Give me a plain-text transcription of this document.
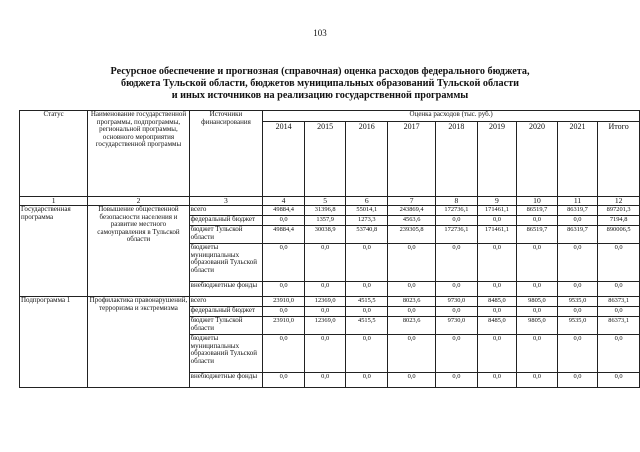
103
Ресурсное обеспечение и прогнозная (справочная) оценка расходов федерального бюджета,
бюджета Тульской области, бюджетов муниципальных образований Тульской области
и иных источников на реализацию государственной программы
Статус	Наименование государственной программы, подпрограммы, региональной программы, основного мероприятия государственной программы	Источники финансирования	Оценка расходов (тыс. руб.)								
			2014	2015	2016	2017	2018	2019	2020	2021	Итого
1	2	3	4	5	6	7	8	9	10	11	12
Государственная программа	Повышение общественной безопасности населения и развитие местного самоуправления в Тульской области	всего	49884,4	31396,8	55014,1	243869,4	172736,1	171461,1	86519,7	86319,7	897201,3
		федеральный бюджет	0,0	1357,9	1273,3	4563,6	0,0	0,0	0,0	0,0	7194,8
		бюджет Тульской области	49884,4	30038,9	53740,8	239305,8	172736,1	171461,1	86519,7	86319,7	890006,5
		бюджеты муниципальных образований Тульской области	0,0	0,0	0,0	0,0	0,0	0,0	0,0	0,0	0,0
		внебюджетные фонды	0,0	0,0	0,0	0,0	0,0	0,0	0,0	0,0	0,0
Подпрограмма 1	Профилактика правонарушений, терроризма и экстремизма	всего	23910,0	12369,0	4515,5	8023,6	9730,0	8485,0	9805,0	9535,0	86373,1
		федеральный бюджет	0,0	0,0	0,0	0,0	0,0	0,0	0,0	0,0	0,0
		бюджет Тульской области	23910,0	12369,0	4515,5	8023,6	9730,0	8485,0	9805,0	9535,0	86373,1
		бюджеты муниципальных образований Тульской области	0,0	0,0	0,0	0,0	0,0	0,0	0,0	0,0	0,0
		внебюджетные фонды	0,0	0,0	0,0	0,0	0,0	0,0	0,0	0,0	0,0
